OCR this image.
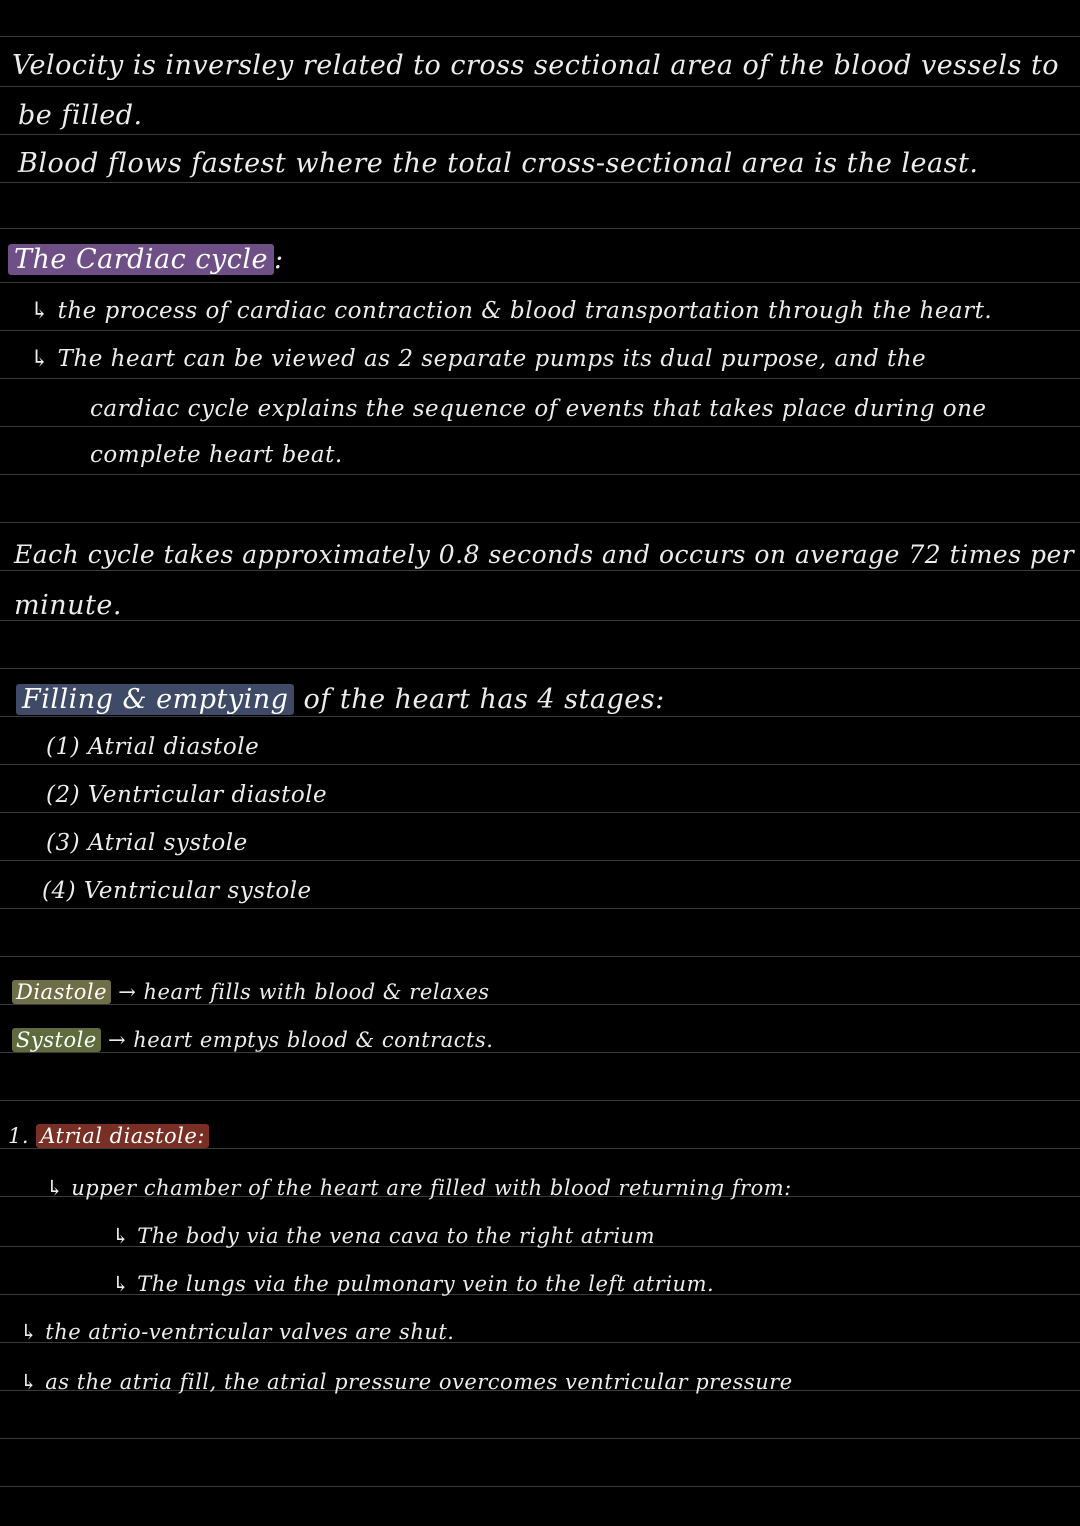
Velocity is inversley related to cross sectional area of the blood vessels to
be filled.
Blood flows fastest where the total cross-sectional area is the least.
The Cardiac cycle :
↳ the process of cardiac contraction & blood transportation through the heart.
↳ The heart can be viewed as 2 separate pumps its dual purpose, and the
cardiac cycle explains the sequence of events that takes place during one
complete heart beat.
Each cycle takes approximately 0.8 seconds and occurs on average 72 times per
minute.
Filling & emptying of the heart has 4 stages:
(1) Atrial diastole
(2) Ventricular diastole
(3) Atrial systole
(4) Ventricular systole
Diastole → heart fills with blood & relaxes
Systole → heart emptys blood & contracts.
1. Atrial diastole:
↳ upper chamber of the heart are filled with blood returning from:
↳ The body via the vena cava to the right atrium
↳ The lungs via the pulmonary vein to the left atrium.
↳ the atrio-ventricular valves are shut.
↳ as the atria fill, the atrial pressure overcomes ventricular pressure
